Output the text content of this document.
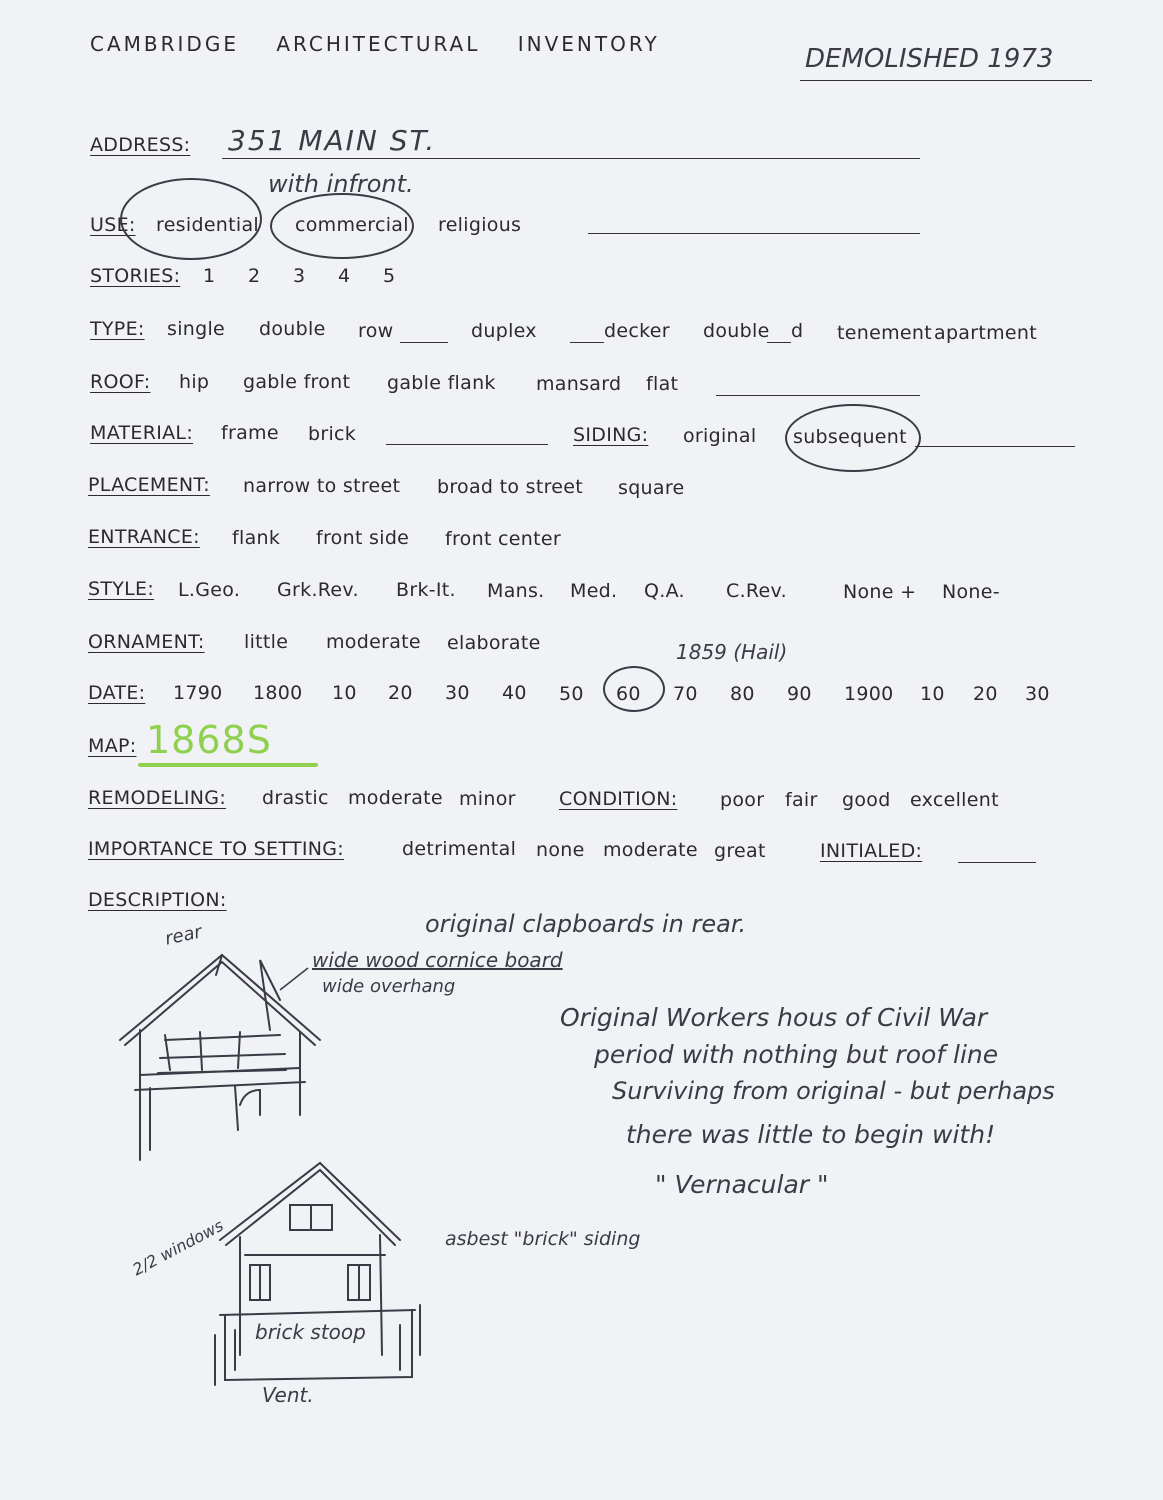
CAMBRIDGE ARCHITECTURAL INVENTORY	DEMOLISHED 1973
ADDRESS: 351 MAIN ST.
with infront.
USE: residential commercial religious
STORIES: 1 2 3 4 5
TYPE: single double row	duplex	decker double d tenement apartment
ROOF: hip gable front gable flank mansard flat
MATERIAL: frame brick	SIDING: original subsequent
PLACEMENT: narrow to street broad to street square
ENTRANCE: flank front side front center
STYLE: L.Geo. Grk.Rev. Brk-It. Mans. Med. Q.A. C.Rev.	None + None-
ORNAMENT: little moderate elaborate	1859 (Hail)
DATE: 1790 1800 10 20 30 40 50 60 70 80 90 1900 10 20 30
MAP: 1868S
REMODELING: drastic moderate minor CONDITION: poor fair good excellent
IMPORTANCE TO SETTING:	detrimental none moderate great	INITIALED:
DESCRIPTION:
original clapboards in rear.
Original Workers hous of Civil War
period with nothing but roof line
Surviving from original - but perhaps
there was little to begin with!
" Vernacular "
rear
wide wood cornice board
wide overhang
asbest "brick" siding
2/2 windows
brick stoop
Vent.
